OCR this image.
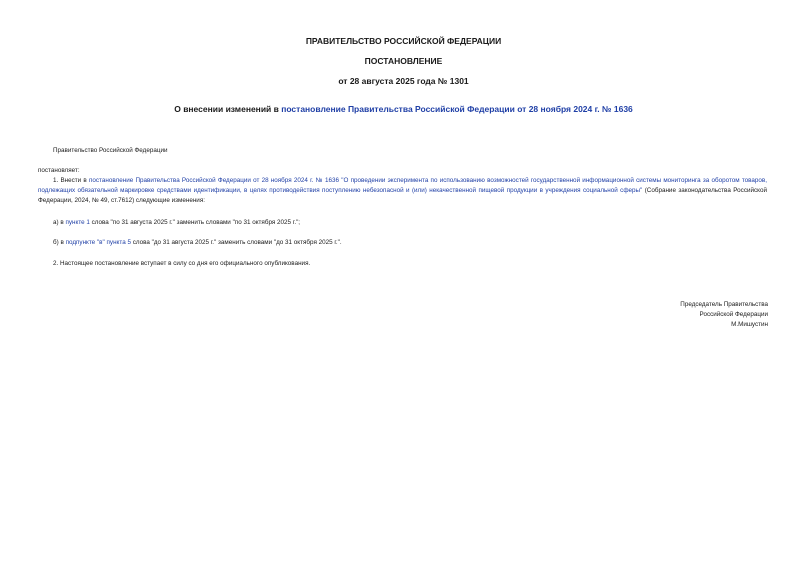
ПРАВИТЕЛЬСТВО РОССИЙСКОЙ ФЕДЕРАЦИИ
ПОСТАНОВЛЕНИЕ
от 28 августа 2025 года № 1301
О внесении изменений в постановление Правительства Российской Федерации от 28 ноября 2024 г. № 1636
Правительство Российской Федерации
постановляет:
1. Внести в постановление Правительства Российской Федерации от 28 ноября 2024 г. № 1636 "О проведении эксперимента по использованию возможностей государственной информационной системы мониторинга за оборотом товаров, подлежащих обязательной маркировке средствами идентификации, в целях противодействия поступлению небезопасной и (или) некачественной пищевой продукции в учреждения социальной сферы" (Собрание законодательства Российской Федерации, 2024, № 49, ст.7612) следующие изменения:
а) в пункте 1 слова "по 31 августа 2025 г." заменить словами "по 31 октября 2025 г.";
б) в подпункте "в" пункта 5 слова "до 31 августа 2025 г." заменить словами "до 31 октября 2025 г.".
2. Настоящее постановление вступает в силу со дня его официального опубликования.
Председатель Правительства
Российской Федерации
М.Мишустин
